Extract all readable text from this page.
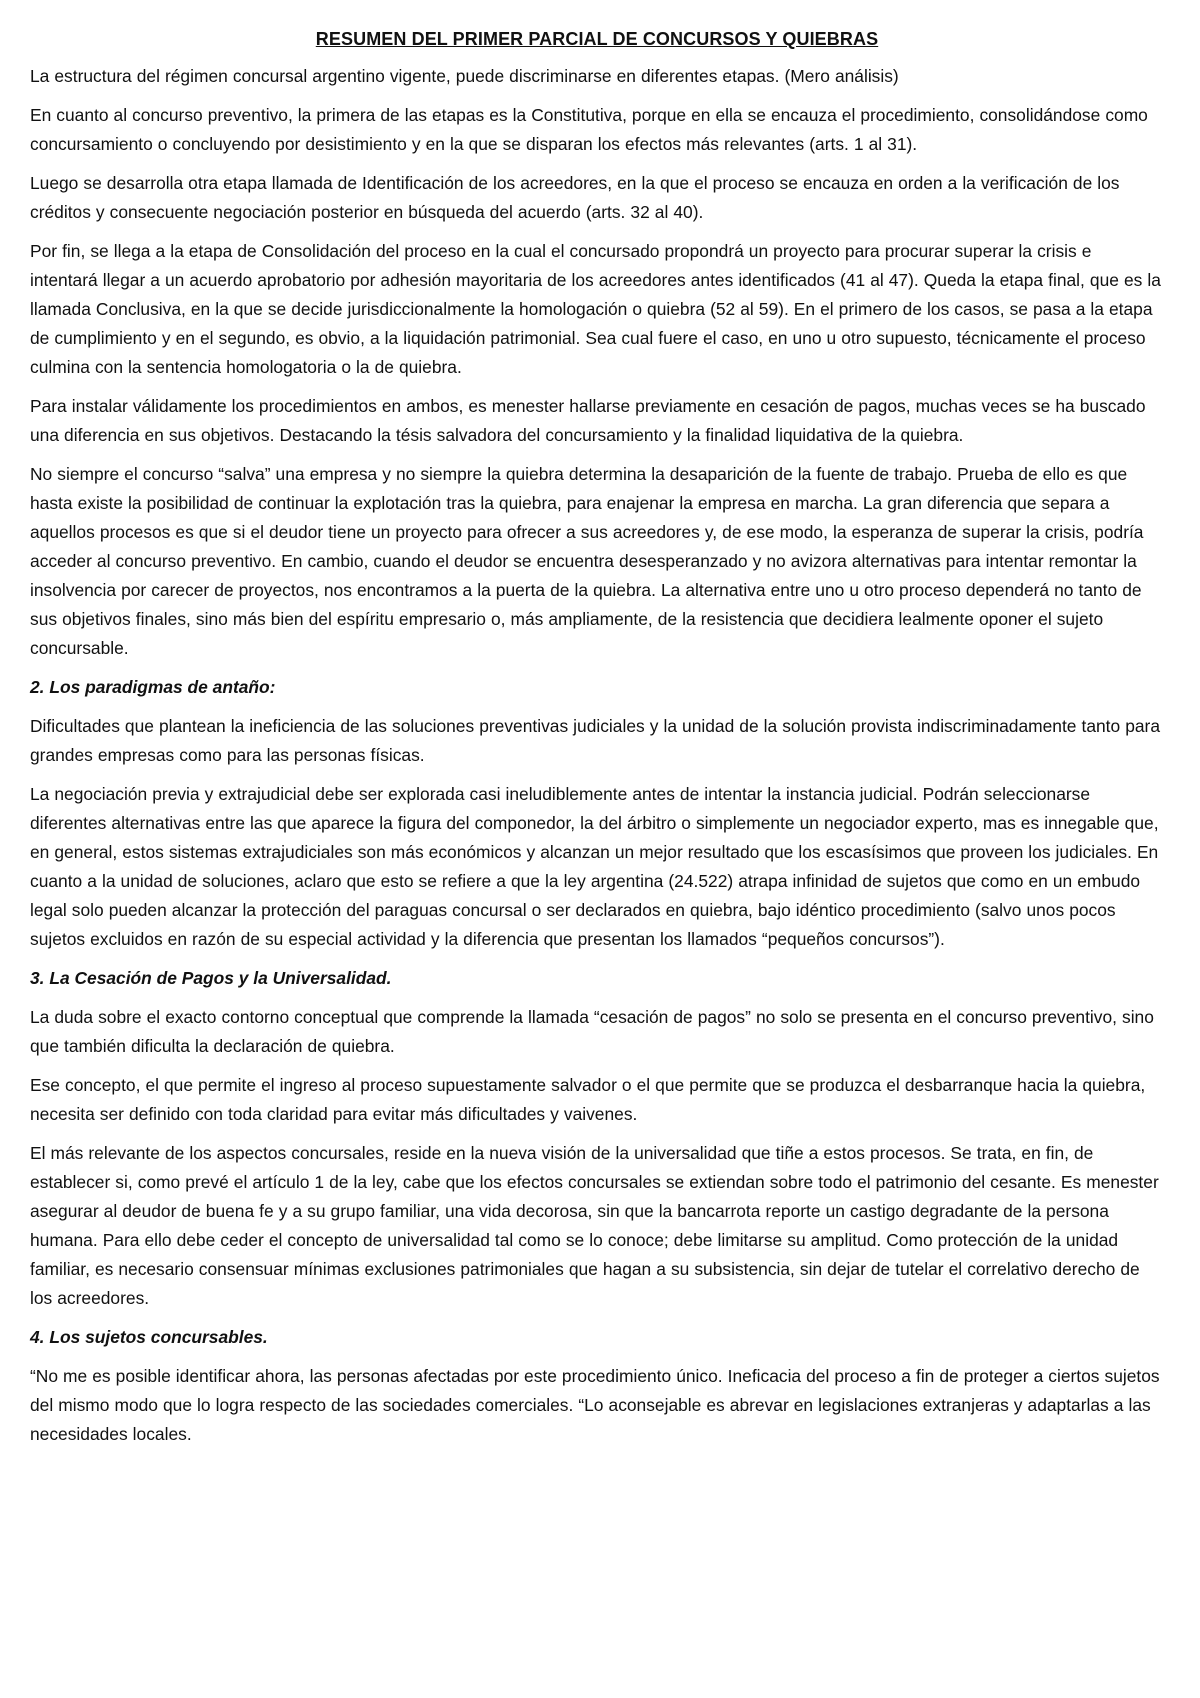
RESUMEN DEL PRIMER PARCIAL DE CONCURSOS Y QUIEBRAS
La estructura del régimen concursal argentino vigente, puede discriminarse en diferentes etapas. (Mero análisis)
En cuanto al concurso preventivo, la primera de las etapas es la Constitutiva, porque en ella se encauza el procedimiento, consolidándose como concursamiento o concluyendo por desistimiento y en la que se disparan los efectos más relevantes (arts. 1 al 31).
Luego se desarrolla otra etapa llamada de Identificación de los acreedores, en la que el proceso se encauza en orden a la verificación de los créditos y consecuente negociación posterior en búsqueda del acuerdo (arts. 32 al 40).
Por fin, se llega a la etapa de Consolidación del proceso en la cual el concursado propondrá un proyecto para procurar superar la crisis e intentará llegar a un acuerdo aprobatorio por adhesión mayoritaria de los acreedores antes identificados (41 al 47). Queda la etapa final, que es la llamada Conclusiva, en la que se decide jurisdiccionalmente la homologación o quiebra (52 al 59). En el primero de los casos, se pasa a la etapa de cumplimiento y en el segundo, es obvio, a la liquidación patrimonial. Sea cual fuere el caso, en uno u otro supuesto, técnicamente el proceso culmina con la sentencia homologatoria o la de quiebra.
Para instalar válidamente los procedimientos en ambos, es menester hallarse previamente en cesación de pagos, muchas veces se ha buscado una diferencia en sus objetivos. Destacando la tésis salvadora del concursamiento y la finalidad liquidativa de la quiebra.
No siempre el concurso “salva” una empresa y no siempre la quiebra determina la desaparición de la fuente de trabajo. Prueba de ello es que hasta existe la posibilidad de continuar la explotación tras la quiebra, para enajenar la empresa en marcha. La gran diferencia que separa a aquellos procesos es que si el deudor tiene un proyecto para ofrecer a sus acreedores y, de ese modo, la esperanza de superar la crisis, podría acceder al concurso preventivo. En cambio, cuando el deudor se encuentra desesperanzado y no avizora alternativas para intentar remontar la insolvencia por carecer de proyectos, nos encontramos a la puerta de la quiebra. La alternativa entre uno u otro proceso dependerá no tanto de sus objetivos finales, sino más bien del espíritu empresario o, más ampliamente, de la resistencia que decidiera lealmente oponer el sujeto concursable.
2. Los paradigmas de antaño:
Dificultades que plantean la ineficiencia de las soluciones preventivas judiciales y la unidad de la solución provista indiscriminadamente tanto para grandes empresas como para las personas físicas.
La negociación previa y extrajudicial debe ser explorada casi ineludiblemente antes de intentar la instancia judicial. Podrán seleccionarse diferentes alternativas entre las que aparece la figura del componedor, la del árbitro o simplemente un negociador experto, mas es innegable que, en general, estos sistemas extrajudiciales son más económicos y alcanzan un mejor resultado que los escasísimos que proveen los judiciales. En cuanto a la unidad de soluciones, aclaro que esto se refiere a que la ley argentina (24.522) atrapa infinidad de sujetos que como en un embudo legal solo pueden alcanzar la protección del paraguas concursal o ser declarados en quiebra, bajo idéntico procedimiento (salvo unos pocos sujetos excluidos en razón de su especial actividad y la diferencia que presentan los llamados “pequeños concursos”).
3. La Cesación de Pagos y la Universalidad.
La duda sobre el exacto contorno conceptual que comprende la llamada “cesación de pagos” no solo se presenta en el concurso preventivo, sino que también dificulta la declaración de quiebra.
Ese concepto, el que permite el ingreso al proceso supuestamente salvador o el que permite que se produzca el desbarranque hacia la quiebra, necesita ser definido con toda claridad para evitar más dificultades y vaivenes.
El más relevante de los aspectos concursales, reside en la nueva visión de la universalidad que tiñe a estos procesos. Se trata, en fin, de establecer si, como prevé el artículo 1 de la ley, cabe que los efectos concursales se extiendan sobre todo el patrimonio del cesante. Es menester asegurar al deudor de buena fe y a su grupo familiar, una vida decorosa, sin que la bancarrota reporte un castigo degradante de la persona humana. Para ello debe ceder el concepto de universalidad tal como se lo conoce; debe limitarse su amplitud. Como protección de la unidad familiar, es necesario consensuar mínimas exclusiones patrimoniales que hagan a su subsistencia, sin dejar de tutelar el correlativo derecho de los acreedores.
4. Los sujetos concursables.
“No me es posible identificar ahora, las personas afectadas por este procedimiento único. Ineficacia del proceso a fin de proteger a ciertos sujetos del mismo modo que lo logra respecto de las sociedades comerciales. “Lo aconsejable es abrevar en legislaciones extranjeras y adaptarlas a las necesidades locales.
